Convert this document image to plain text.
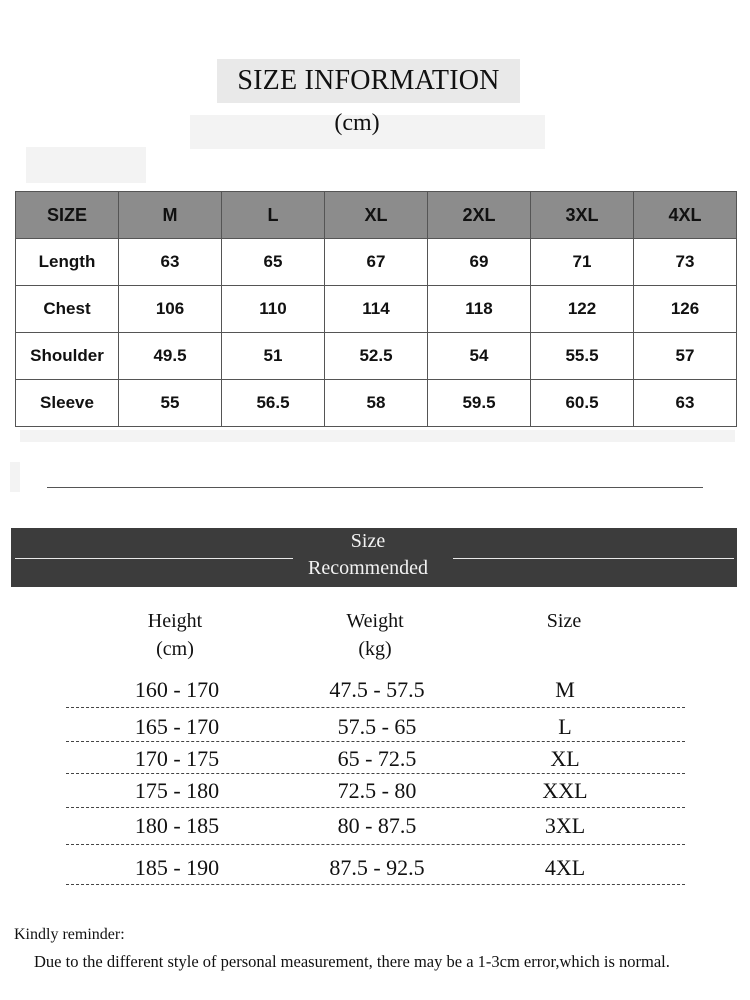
SIZE INFORMATION
(cm)
SIZE	M	L	XL	2XL	3XL	4XL
Length	63	65	67	69	71	73
Chest	106	110	114	118	122	126
Shoulder	49.5	51	52.5	54	55.5	57
Sleeve	55	56.5	58	59.5	60.5	63
Size
Recommended
Height
(cm)
Weight
(kg)
Size
160 - 170	47.5 - 57.5	M
165 - 170	57.5 - 65	L
170 - 175	65 - 72.5	XL
175 - 180	72.5 - 80	XXL
180 - 185	80 - 87.5	3XL
185 - 190	87.5 - 92.5	4XL
Kindly reminder:
Due to the different style of personal measurement, there may be a 1-3cm error,which is normal.
